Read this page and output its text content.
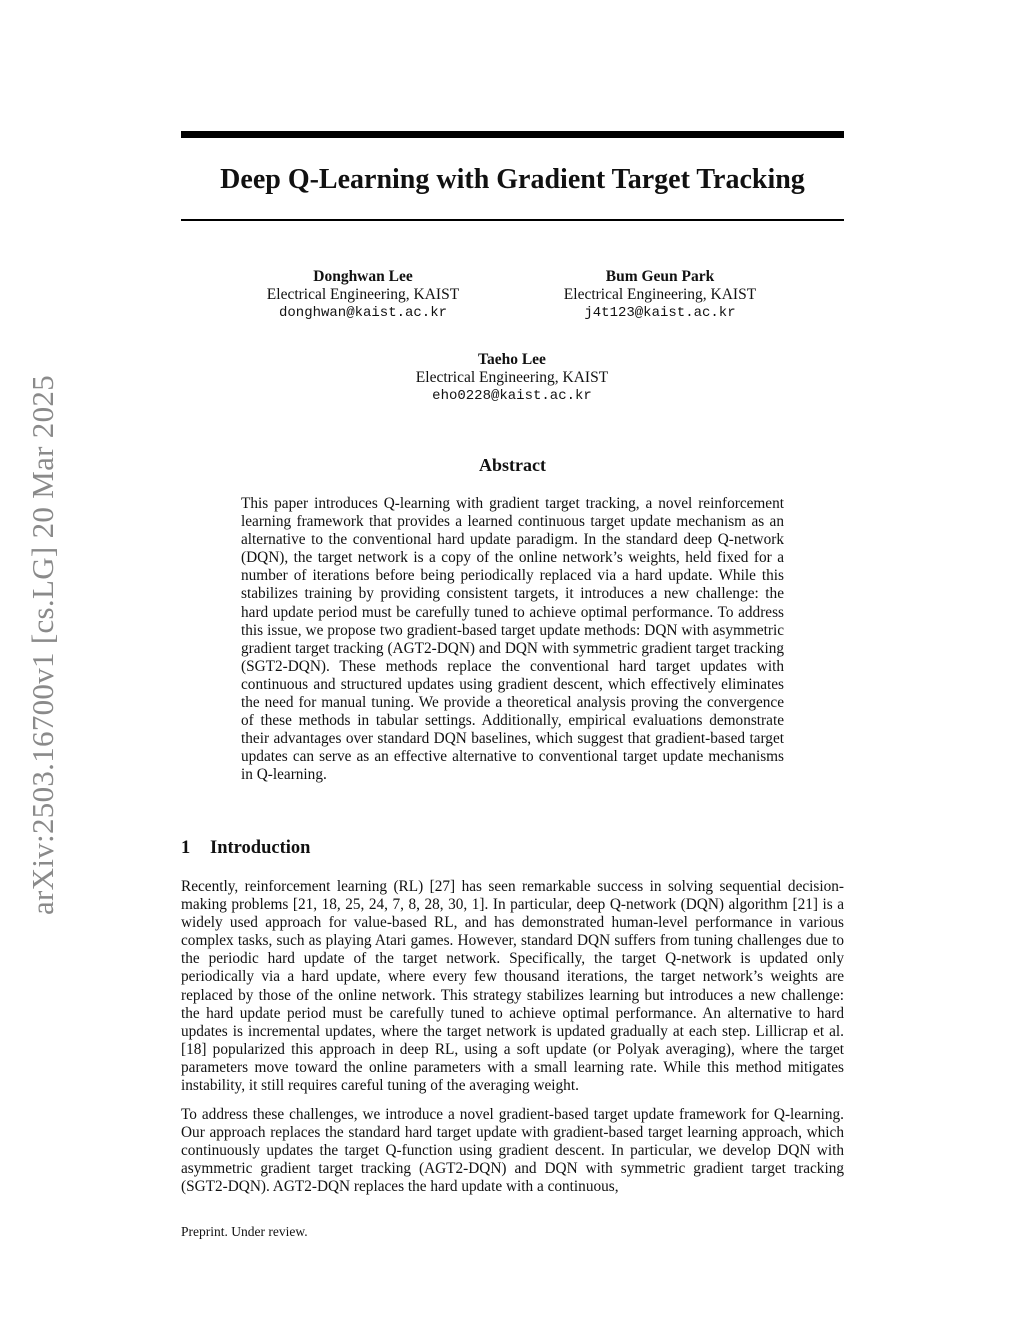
arXiv:2503.16700v1 [cs.LG] 20 Mar 2025
Deep Q-Learning with Gradient Target Tracking
Donghwan Lee
Electrical Engineering, KAIST
donghwan@kaist.ac.kr
Bum Geun Park
Electrical Engineering, KAIST
j4t123@kaist.ac.kr
Taeho Lee
Electrical Engineering, KAIST
eho0228@kaist.ac.kr
Abstract

This paper introduces Q-learning with gradient target tracking, a novel reinforcement learning framework that provides a learned continuous target update mechanism as an alternative to the conventional hard update paradigm. In the standard deep Q-network (DQN), the target network is a copy of the online network’s weights, held fixed for a number of iterations before being periodically replaced via a hard update. While this stabilizes training by providing consistent targets, it introduces a new challenge: the hard update period must be carefully tuned to achieve optimal performance. To address this issue, we propose two gradient-based target update methods: DQN with asymmetric gradient target tracking (AGT2-DQN) and DQN with symmetric gradient target tracking (SGT2-DQN). These methods replace the conventional hard target updates with continuous and structured updates using gradient descent, which effectively eliminates the need for manual tuning. We provide a theoretical analysis proving the convergence of these methods in tabular settings. Additionally, empirical evaluations demonstrate their advantages over standard DQN baselines, which suggest that gradient-based target updates can serve as an effective alternative to conventional target update mechanisms in Q-learning.

1 Introduction

Recently, reinforcement learning (RL) [27] has seen remarkable success in solving sequential decision-making problems [21, 18, 25, 24, 7, 8, 28, 30, 1]. In particular, deep Q-network (DQN) algorithm [21] is a widely used approach for value-based RL, and has demonstrated human-level performance in various complex tasks, such as playing Atari games. However, standard DQN suffers from tuning challenges due to the periodic hard update of the target network. Specifically, the target Q-network is updated only periodically via a hard update, where every few thousand iterations, the target network’s weights are replaced by those of the online network. This strategy stabilizes learning but introduces a new challenge: the hard update period must be carefully tuned to achieve optimal performance. An alternative to hard updates is incremental updates, where the target network is updated gradually at each step. Lillicrap et al. [18] popularized this approach in deep RL, using a soft update (or Polyak averaging), where the target parameters move toward the online parameters with a small learning rate. While this method mitigates instability, it still requires careful tuning of the averaging weight.

To address these challenges, we introduce a novel gradient-based target update framework for Q-learning. Our approach replaces the standard hard target update with gradient-based target learning approach, which continuously updates the target Q-function using gradient descent. In particular, we develop DQN with asymmetric gradient target tracking (AGT2-DQN) and DQN with symmetric gradient target tracking (SGT2-DQN). AGT2-DQN replaces the hard update with a continuous,

Preprint. Under review.
